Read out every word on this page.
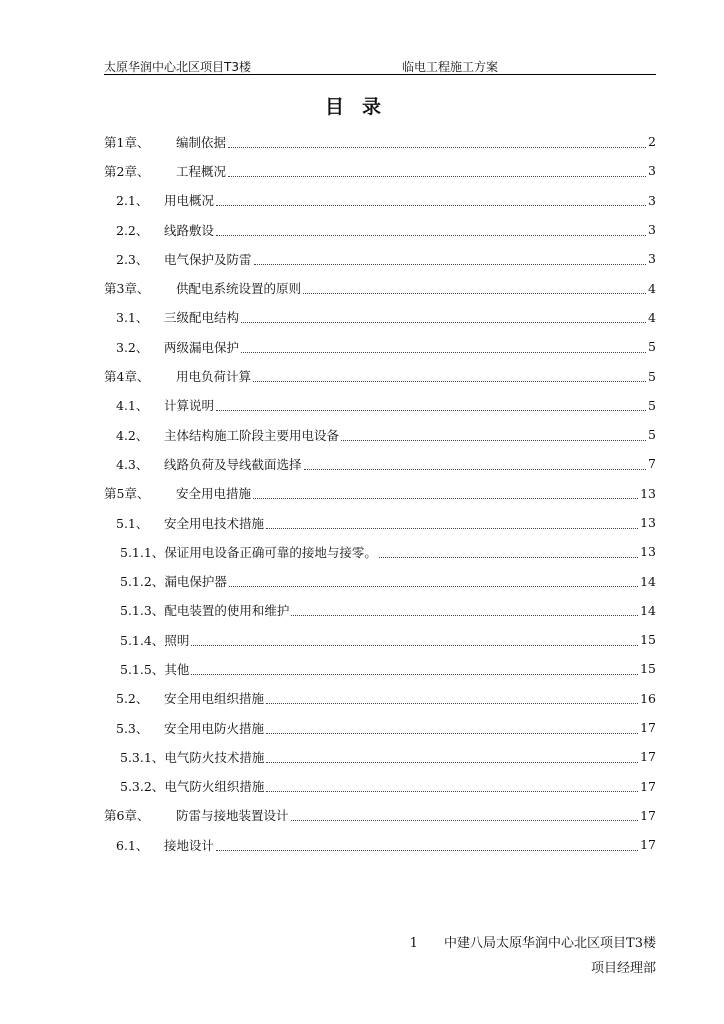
太原华润中心北区项目T3楼	临电工程施工方案
目录
第1章、	编制依据	2
第2章、	工程概况	3
2.1、	用电概况	3
2.2、	线路敷设	3
2.3、	电气保护及防雷	3
第3章、	供配电系统设置的原则	4
3.1、	三级配电结构	4
3.2、	两级漏电保护	5
第4章、	用电负荷计算	5
4.1、	计算说明	5
4.2、	主体结构施工阶段主要用电设备	5
4.3、	线路负荷及导线截面选择	7
第5章、	安全用电措施	13
5.1、	安全用电技术措施	13
5.1.1、 保证用电设备正确可靠的接地与接零。	13
5.1.2、 漏电保护器	14
5.1.3、 配电装置的使用和维护	14
5.1.4、 照明	15
5.1.5、 其他	15
5.2、	安全用电组织措施	16
5.3、	安全用电防火措施	17
5.3.1、 电气防火技术措施	17
5.3.2、 电气防火组织措施	17
第6章、	防雷与接地装置设计	17
6.1、	接地设计	17
1 中建八局太原华润中心北区项目T3楼
项目经理部
